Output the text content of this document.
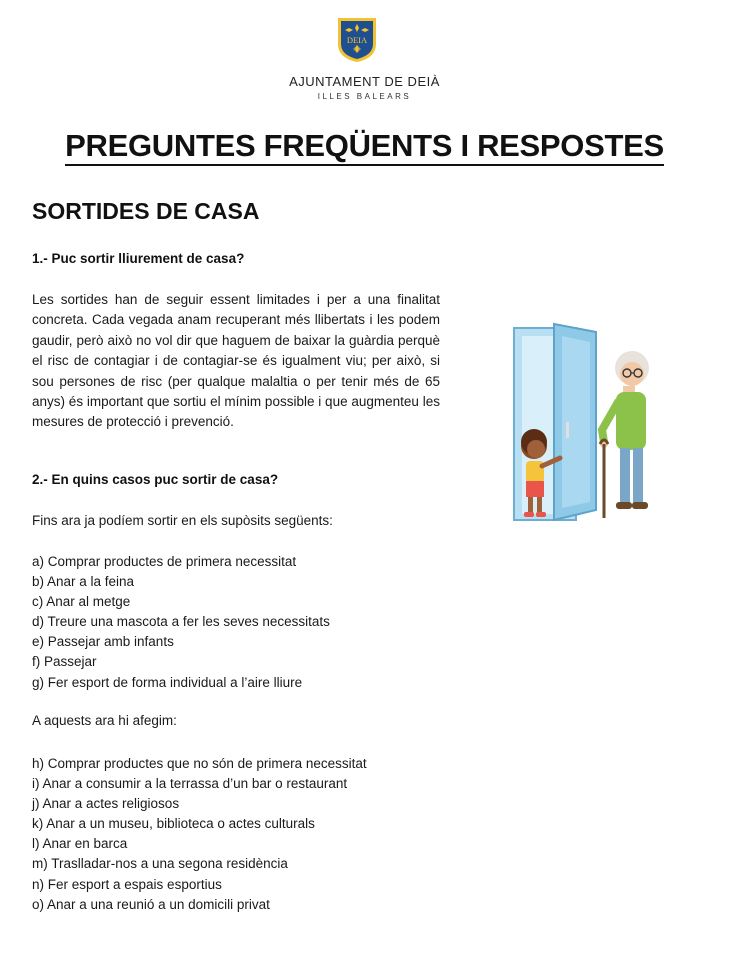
DEIA
AJUNTAMENT DE DEIÀ
ILLES BALEARS
PREGUNTES FREQÜENTS I RESPOSTES
SORTIDES DE CASA
1.- Puc sortir lliurement de casa?
Les sortides han de seguir essent limitades i per a una finalitat concreta. Cada vegada anam recuperant més llibertats i les podem gaudir, però això no vol dir que haguem de baixar la guàrdia perquè el risc de contagiar i de contagiar-se és igualment viu; per això, si sou persones de risc (per qualque malaltia o per tenir més de 65 anys) és important que sortiu el mínim possible i que augmenteu les mesures de protecció i prevenció.
2.- En quins casos puc sortir de casa?
Fins ara ja podíem sortir en els supòsits següents:
a) Comprar productes de primera necessitat
b) Anar a la feina
c) Anar al metge
d) Treure una mascota a fer les seves necessitats
e) Passejar amb infants
f) Passejar
g) Fer esport de forma individual a l’aire lliure
A aquests ara hi afegim:
h) Comprar productes que no són de primera necessitat
i) Anar a consumir a la terrassa d’un bar o restaurant
j) Anar a actes religiosos
k) Anar a un museu, biblioteca o actes culturals
l) Anar en barca
m) Traslladar-nos a una segona residència
n) Fer esport a espais esportius
o) Anar a una reunió a un domicili privat
